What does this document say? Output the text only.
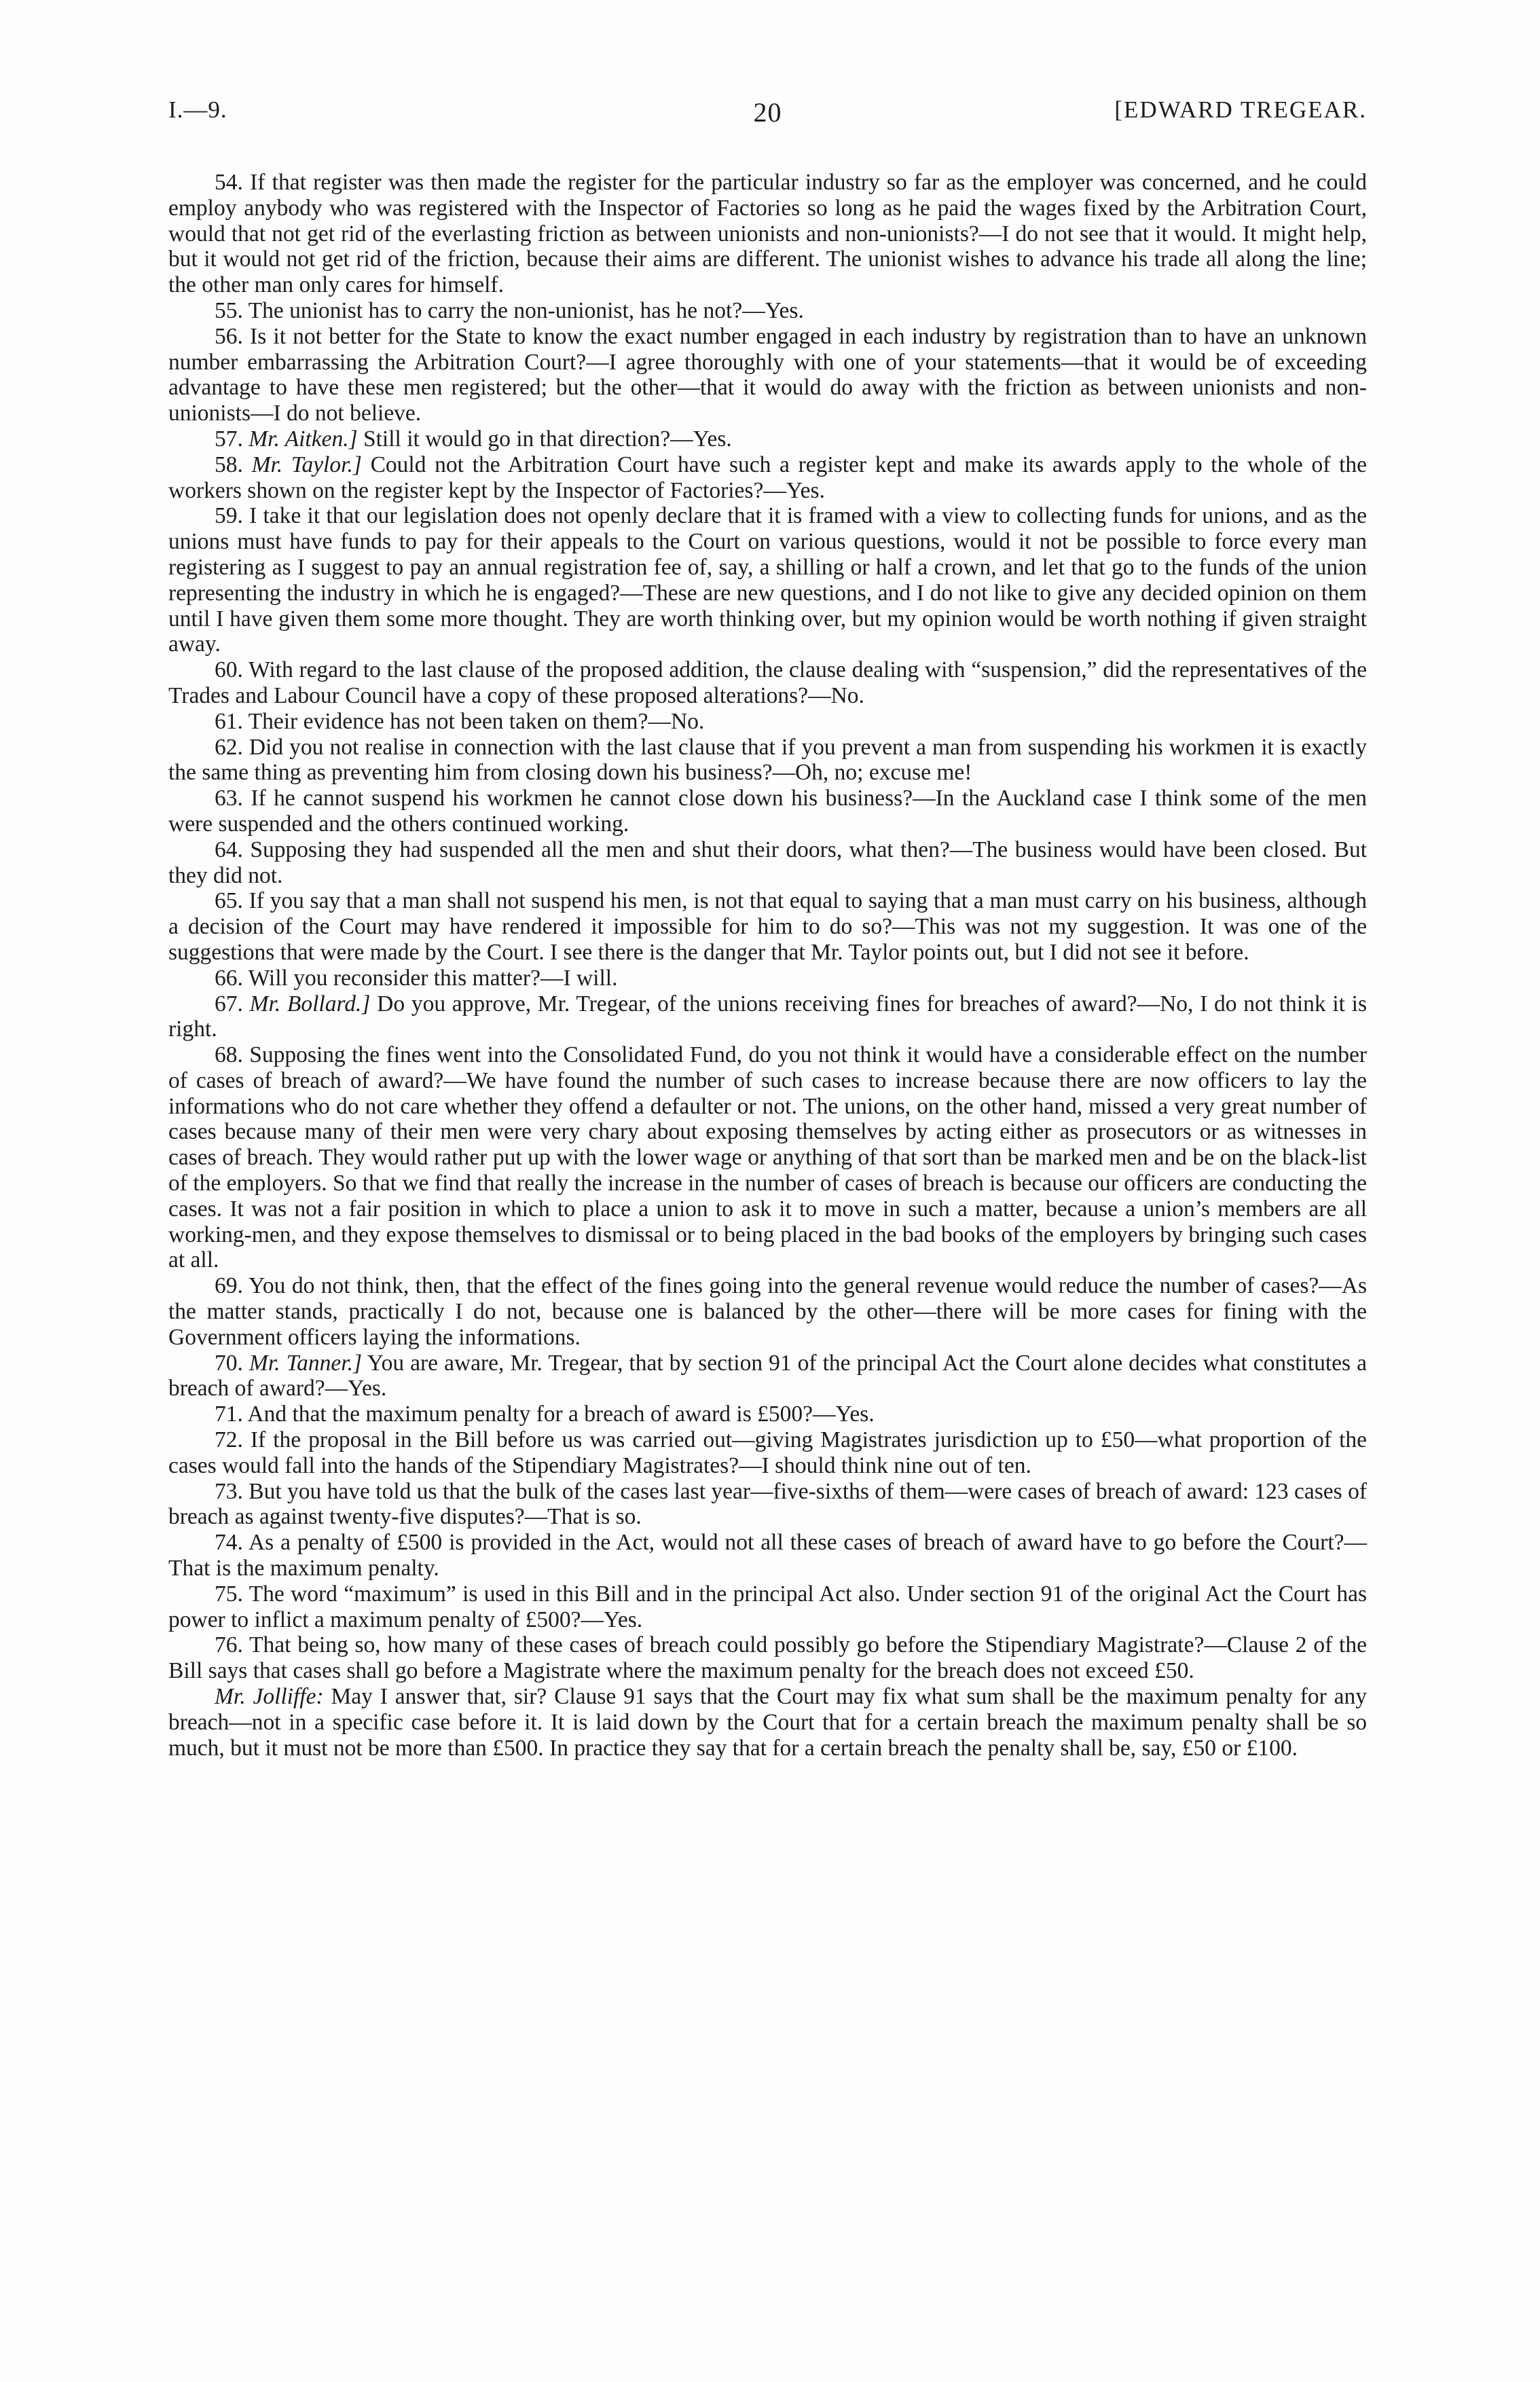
I.—9.	20	[EDWARD TREGEAR.

54. If that register was then made the register for the particular industry so far as the employer was concerned, and he could employ anybody who was registered with the Inspector of Factories so long as he paid the wages fixed by the Arbitration Court, would that not get rid of the everlasting friction as between unionists and non-unionists?—I do not see that it would. It might help, but it would not get rid of the friction, because their aims are different. The unionist wishes to advance his trade all along the line; the other man only cares for himself.

55. The unionist has to carry the non-unionist, has he not?—Yes.

56. Is it not better for the State to know the exact number engaged in each industry by registration than to have an unknown number embarrassing the Arbitration Court?—I agree thoroughly with one of your statements—that it would be of exceeding advantage to have these men registered; but the other—that it would do away with the friction as between unionists and non-unionists—I do not believe.

57. Mr. Aitken.] Still it would go in that direction?—Yes.

58. Mr. Taylor.] Could not the Arbitration Court have such a register kept and make its awards apply to the whole of the workers shown on the register kept by the Inspector of Factories?—Yes.

59. I take it that our legislation does not openly declare that it is framed with a view to collecting funds for unions, and as the unions must have funds to pay for their appeals to the Court on various questions, would it not be possible to force every man registering as I suggest to pay an annual registration fee of, say, a shilling or half a crown, and let that go to the funds of the union representing the industry in which he is engaged?—These are new questions, and I do not like to give any decided opinion on them until I have given them some more thought. They are worth thinking over, but my opinion would be worth nothing if given straight away.

60. With regard to the last clause of the proposed addition, the clause dealing with “suspension,” did the representatives of the Trades and Labour Council have a copy of these proposed alterations?—No.

61. Their evidence has not been taken on them?—No.

62. Did you not realise in connection with the last clause that if you prevent a man from suspending his workmen it is exactly the same thing as preventing him from closing down his business?—Oh, no; excuse me!

63. If he cannot suspend his workmen he cannot close down his business?—In the Auckland case I think some of the men were suspended and the others continued working.

64. Supposing they had suspended all the men and shut their doors, what then?—The business would have been closed. But they did not.

65. If you say that a man shall not suspend his men, is not that equal to saying that a man must carry on his business, although a decision of the Court may have rendered it impossible for him to do so?—This was not my suggestion. It was one of the suggestions that were made by the Court. I see there is the danger that Mr. Taylor points out, but I did not see it before.

66. Will you reconsider this matter?—I will.

67. Mr. Bollard.] Do you approve, Mr. Tregear, of the unions receiving fines for breaches of award?—No, I do not think it is right.

68. Supposing the fines went into the Consolidated Fund, do you not think it would have a considerable effect on the number of cases of breach of award?—We have found the number of such cases to increase because there are now officers to lay the informations who do not care whether they offend a defaulter or not. The unions, on the other hand, missed a very great number of cases because many of their men were very chary about exposing themselves by acting either as prosecutors or as witnesses in cases of breach. They would rather put up with the lower wage or anything of that sort than be marked men and be on the black-list of the employers. So that we find that really the increase in the number of cases of breach is because our officers are conducting the cases. It was not a fair position in which to place a union to ask it to move in such a matter, because a union’s members are all working-men, and they expose themselves to dismissal or to being placed in the bad books of the employers by bringing such cases at all.

69. You do not think, then, that the effect of the fines going into the general revenue would reduce the number of cases?—As the matter stands, practically I do not, because one is balanced by the other—there will be more cases for fining with the Government officers laying the informations.

70. Mr. Tanner.] You are aware, Mr. Tregear, that by section 91 of the principal Act the Court alone decides what constitutes a breach of award?—Yes.

71. And that the maximum penalty for a breach of award is £500?—Yes.

72. If the proposal in the Bill before us was carried out—giving Magistrates jurisdiction up to £50—what proportion of the cases would fall into the hands of the Stipendiary Magistrates?—I should think nine out of ten.

73. But you have told us that the bulk of the cases last year—five-sixths of them—were cases of breach of award: 123 cases of breach as against twenty-five disputes?—That is so.

74. As a penalty of £500 is provided in the Act, would not all these cases of breach of award have to go before the Court?—That is the maximum penalty.

75. The word “maximum” is used in this Bill and in the principal Act also. Under section 91 of the original Act the Court has power to inflict a maximum penalty of £500?—Yes.

76. That being so, how many of these cases of breach could possibly go before the Stipendiary Magistrate?—Clause 2 of the Bill says that cases shall go before a Magistrate where the maximum penalty for the breach does not exceed £50.

Mr. Jolliffe: May I answer that, sir? Clause 91 says that the Court may fix what sum shall be the maximum penalty for any breach—not in a specific case before it. It is laid down by the Court that for a certain breach the maximum penalty shall be so much, but it must not be more than £500. In practice they say that for a certain breach the penalty shall be, say, £50 or £100.
